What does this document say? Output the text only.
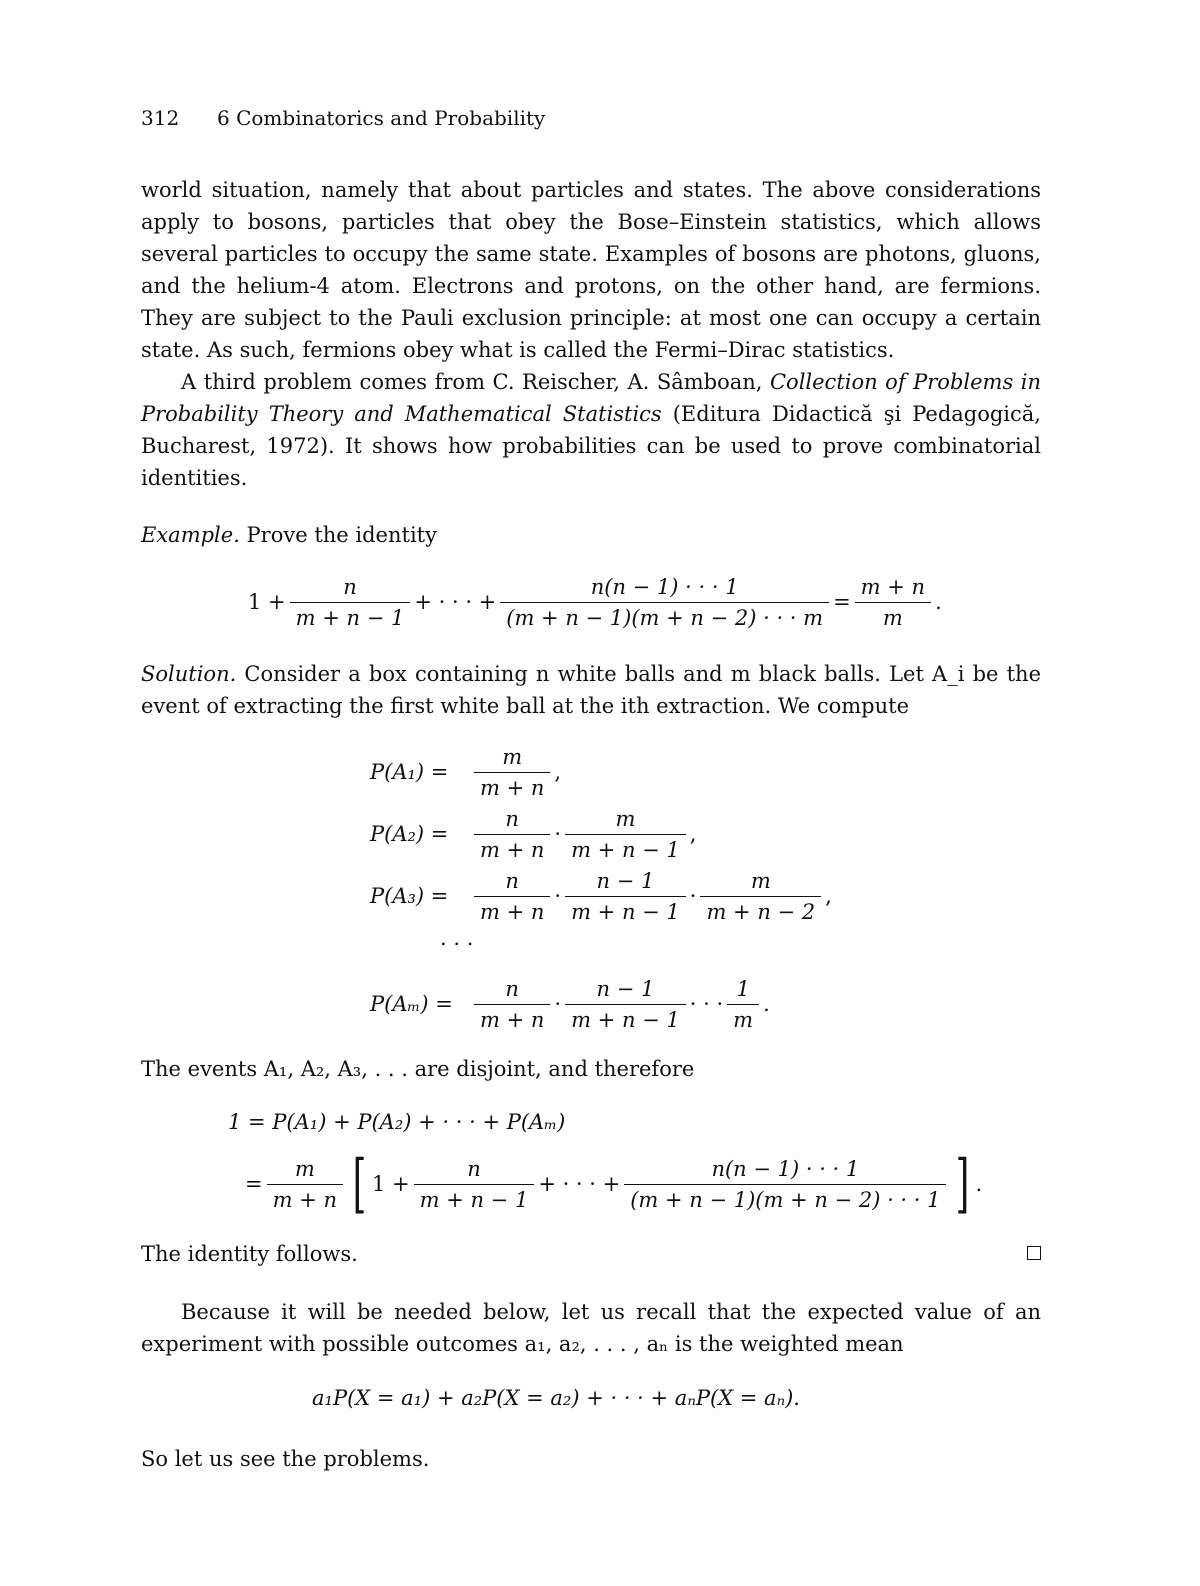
312 6 Combinatorics and Probability

world situation, namely that about particles and states. The above considerations apply to bosons, particles that obey the Bose–Einstein statistics, which allows several particles to occupy the same state. Examples of bosons are photons, gluons, and the helium-4 atom. Electrons and protons, on the other hand, are fermions. They are subject to the Pauli exclusion principle: at most one can occupy a certain state. As such, fermions obey what is called the Fermi–Dirac statistics.

A third problem comes from C. Reischer, A. Sâmboan, Collection of Problems in Probability Theory and Mathematical Statistics (Editura Didactică şi Pedagogică, Bucharest, 1972). It shows how probabilities can be used to prove combinatorial identities.

Example. Prove the identity
$1 + \frac{n}{m + n - 1}$ + · · · + $\frac{n(n - 1) \cdot \cdot \cdot 1}{(m + n - 1)(m + n - 2) \cdot \cdot \cdot m} = \frac{m + n}{m}$ .
Solution. Consider a box containing n white balls and m black balls. Let A_i be the event of extracting the first white ball at the ith extraction. We compute
P(A₁) =	$\frac{m}{m + n}$ ,
P(A₂) =	$\frac{n}{m + n} \cdot \frac{m}{m + n - 1}$ ,
P(A₃) =	$\frac{n}{m + n} \cdot \frac{n - 1}{m + n - 1} \cdot \frac{m}{m + n - 2}$ ,
. . .
P(Aₘ) =	$\frac{n}{m + n} \cdot \frac{n - 1}{m + n - 1}$ · · · $\frac{1}{m}$ .
The events A₁, A₂, A₃, . . . are disjoint, and therefore
1 = P(A₁) + P(A₂) + · · · + P(Aₘ)
= $\frac{m}{m + n}$ [ $1 + \frac{n}{m + n - 1}$ + · · · + $\frac{n(n - 1) \cdot \cdot \cdot 1}{(m + n - 1)(m + n - 2) \cdot \cdot \cdot 1}$ ] .
The identity follows.
Because it will be needed below, let us recall that the expected value of an experiment with possible outcomes a₁, a₂, . . . , aₙ is the weighted mean
a₁P(X = a₁) + a₂P(X = a₂) + · · · + aₙP(X = aₙ).
So let us see the problems.
